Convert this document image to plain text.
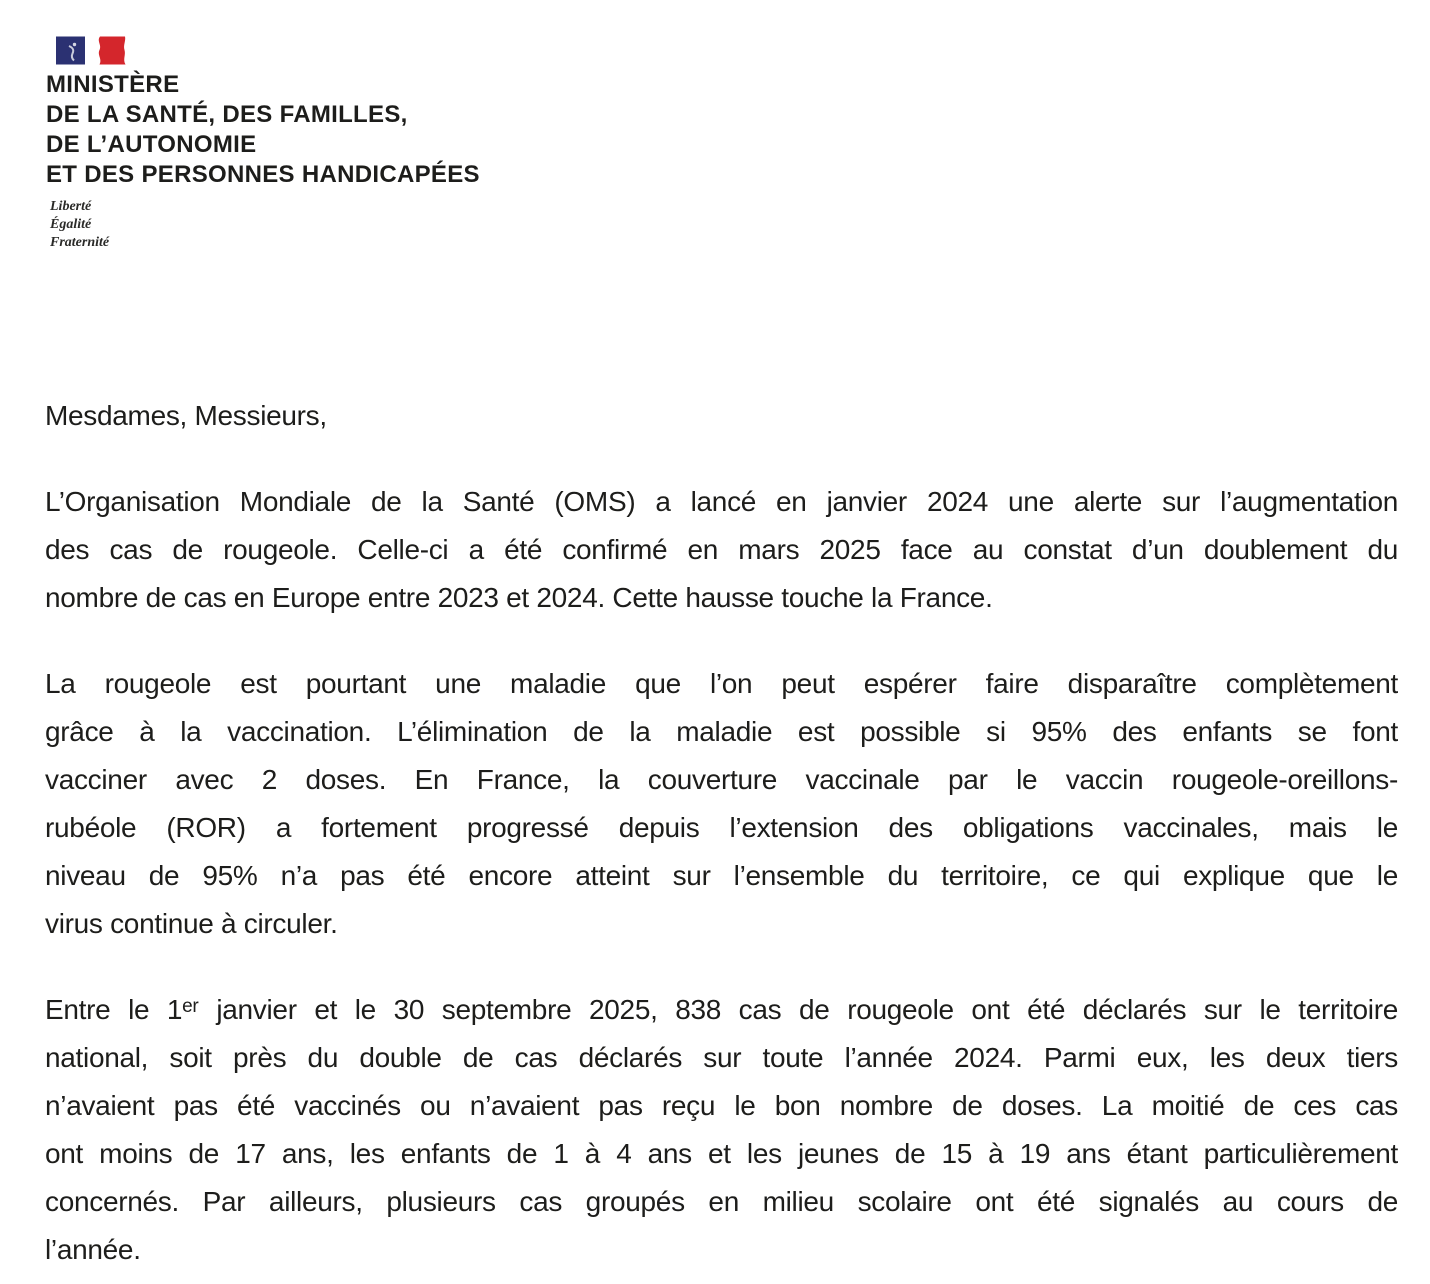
MINISTÈRE
DE LA SANTÉ, DES FAMILLES,
DE L’AUTONOMIE
ET DES PERSONNES HANDICAPÉES
Liberté
Égalité
Fraternité
Mesdames, Messieurs,
L’Organisation Mondiale de la Santé (OMS) a lancé en janvier 2024 une alerte sur l’augmentation
des cas de rougeole. Celle-ci a été confirmé en mars 2025 face au constat d’un doublement du
nombre de cas en Europe entre 2023 et 2024. Cette hausse touche la France.
La rougeole est pourtant une maladie que l’on peut espérer faire disparaître complètement
grâce à la vaccination. L’élimination de la maladie est possible si 95% des enfants se font
vacciner avec 2 doses. En France, la couverture vaccinale par le vaccin rougeole-oreillons-
rubéole (ROR) a fortement progressé depuis l’extension des obligations vaccinales, mais le
niveau de 95% n’a pas été encore atteint sur l’ensemble du territoire, ce qui explique que le
virus continue à circuler.
Entre le 1ᵉʳ janvier et le 30 septembre 2025, 838 cas de rougeole ont été déclarés sur le territoire
national, soit près du double de cas déclarés sur toute l’année 2024. Parmi eux, les deux tiers
n’avaient pas été vaccinés ou n’avaient pas reçu le bon nombre de doses. La moitié de ces cas
ont moins de 17 ans, les enfants de 1 à 4 ans et les jeunes de 15 à 19 ans étant particulièrement
concernés. Par ailleurs, plusieurs cas groupés en milieu scolaire ont été signalés au cours de
l’année.
